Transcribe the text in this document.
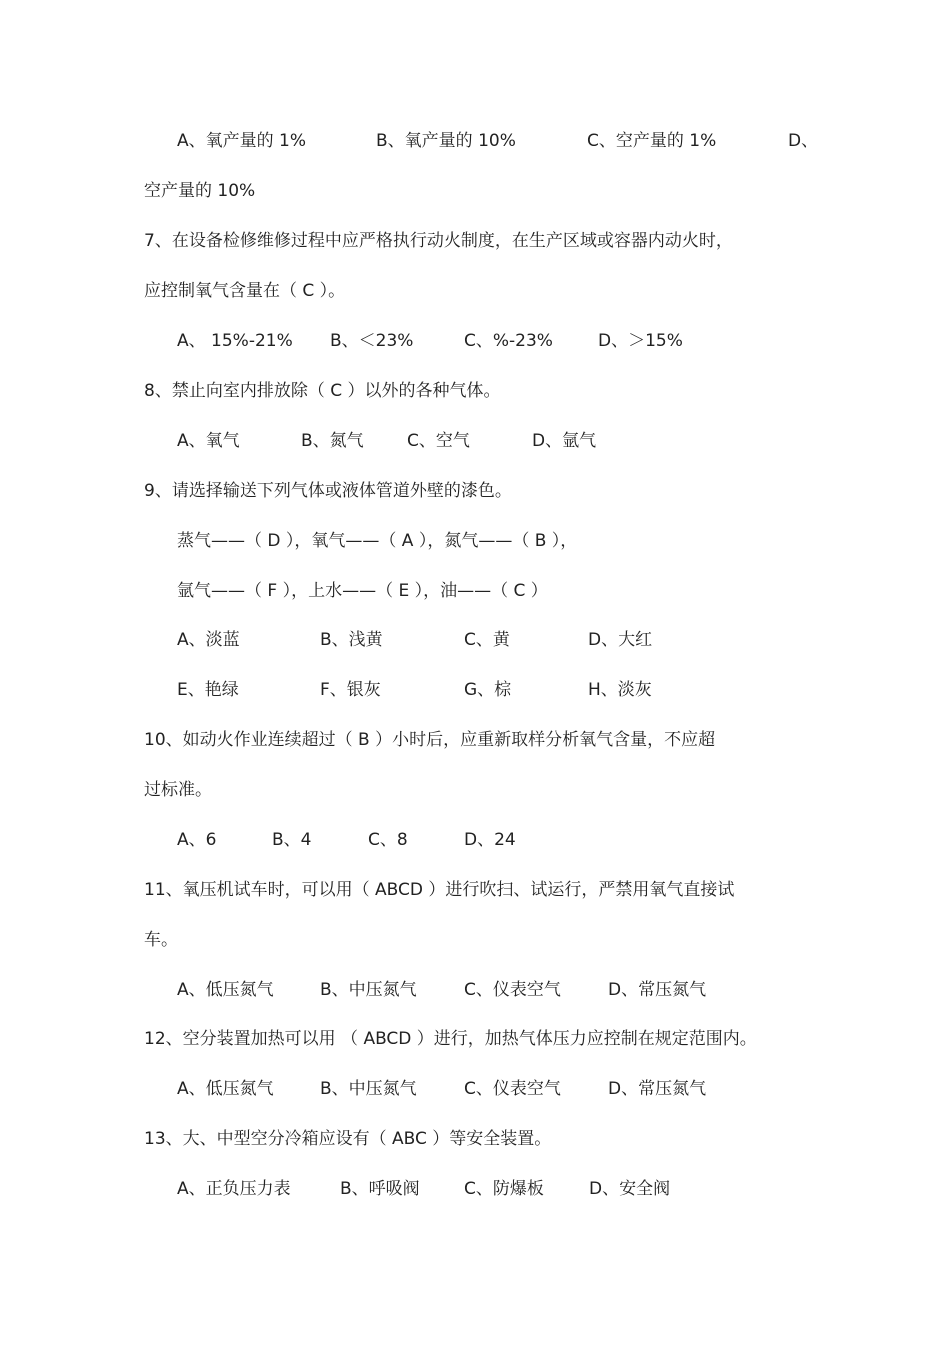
A、氧产量的 1%	B、氧产量的 10%	C、空产量的 1%	D、
空产量的 10%
7、在设备检修维修过程中应严格执行动火制度，在生产区域或容器内动火时，
应控制氧气含量在（ C ）。
A、 15%-21% B、＜23%	C、%-23%	D、＞15%
8、禁止向室内排放除（ C ）以外的各种气体。
A、氧气	B、氮气	C、空气	D、氩气
9、请选择输送下列气体或液体管道外壁的漆色。
蒸气——（ D ），氧气——（ A ），氮气——（ B ），
氩气——（ F ），上水——（ E ），油——（ C ）
A、淡蓝	B、浅黄	C、黄	D、大红
E、艳绿	F、银灰	G、棕	H、淡灰
10、如动火作业连续超过（ B ）小时后，应重新取样分析氧气含量，不应超
过标准。
A、6	B、4	C、8	D、24
11、氧压机试车时，可以用（ ABCD ）进行吹扫、试运行，严禁用氧气直接试
车。
A、低压氮气	B、中压氮气	C、仪表空气	D、常压氮气
12、空分装置加热可以用 （ ABCD ）进行，加热气体压力应控制在规定范围内。
A、低压氮气	B、中压氮气	C、仪表空气	D、常压氮气
13、大、中型空分冷箱应设有（ ABC ）等安全装置。
A、正负压力表	B、呼吸阀	C、防爆板	D、安全阀
